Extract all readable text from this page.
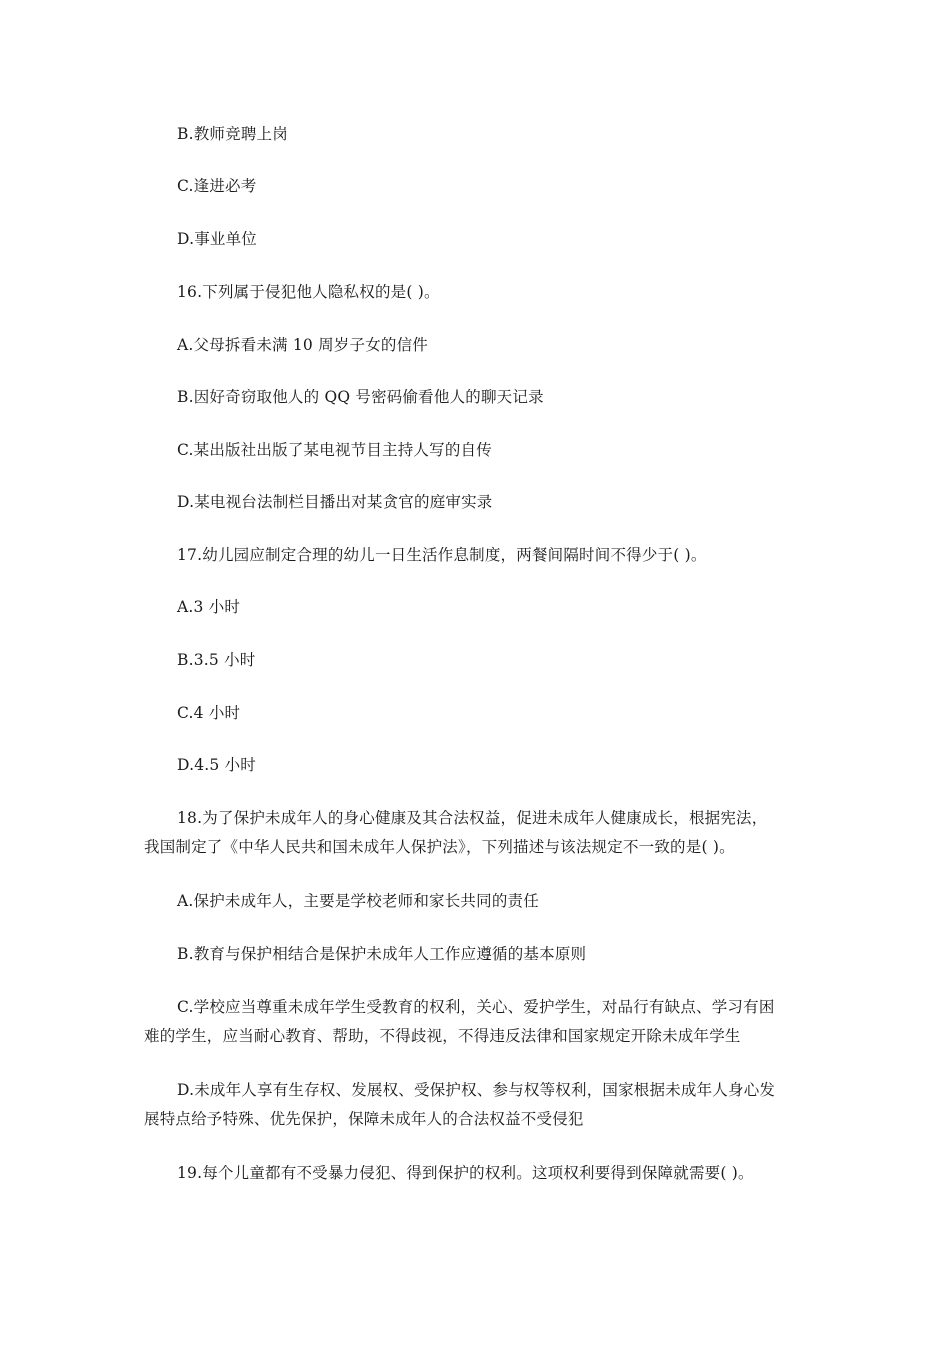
B.教师竞聘上岗
C.逢进必考
D.事业单位
16.下列属于侵犯他人隐私权的是( )。
A.父母拆看未满 10 周岁子女的信件
B.因好奇窃取他人的 QQ 号密码偷看他人的聊天记录
C.某出版社出版了某电视节目主持人写的自传
D.某电视台法制栏目播出对某贪官的庭审实录
17.幼儿园应制定合理的幼儿一日生活作息制度，两餐间隔时间不得少于( )。
A.3 小时
B.3.5 小时
C.4 小时
D.4.5 小时
18.为了保护未成年人的身心健康及其合法权益，促进未成年人健康成长，根据宪法，
我国制定了《中华人民共和国未成年人保护法》，下列描述与该法规定不一致的是( )。
A.保护未成年人，主要是学校老师和家长共同的责任
B.教育与保护相结合是保护未成年人工作应遵循的基本原则
C.学校应当尊重未成年学生受教育的权利，关心、爱护学生，对品行有缺点、学习有困
难的学生，应当耐心教育、帮助，不得歧视，不得违反法律和国家规定开除未成年学生
D.未成年人享有生存权、发展权、受保护权、参与权等权利，国家根据未成年人身心发
展特点给予特殊、优先保护，保障未成年人的合法权益不受侵犯
19.每个儿童都有不受暴力侵犯、得到保护的权利。这项权利要得到保障就需要( )。
